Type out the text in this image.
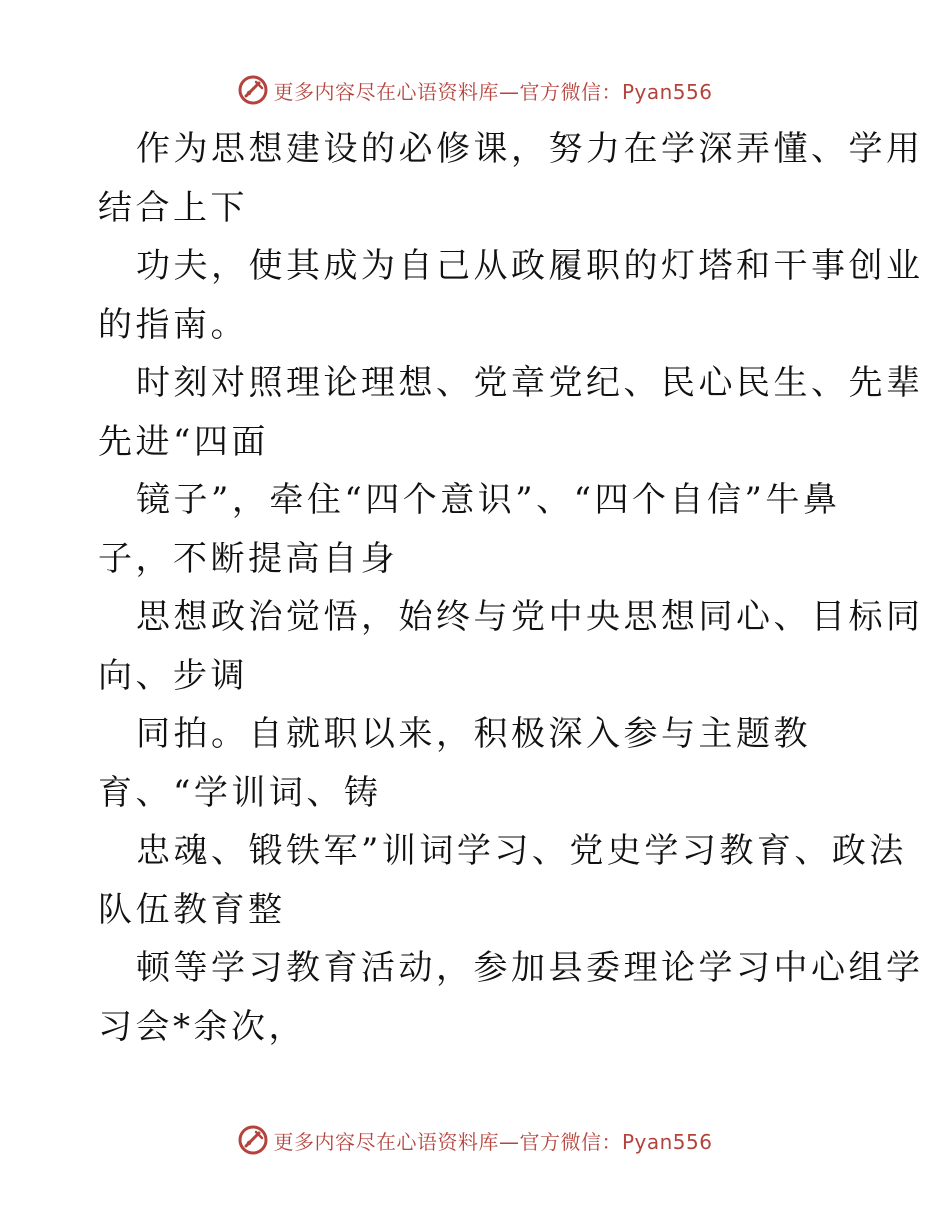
更多内容尽在心语资料库—官方微信：Pyan556
作为思想建设的必修课，努力在学深弄懂、学用
结合上下
功夫，使其成为自己从政履职的灯塔和干事创业
的指南。
时刻对照理论理想、党章党纪、民心民生、先辈
先进“四面
镜子”，牵住“四个意识”、“四个自信”牛鼻
子，不断提高自身
思想政治觉悟，始终与党中央思想同心、目标同
向、步调
同拍。自就职以来，积极深入参与主题教
育、“学训词、铸
忠魂、锻铁军”训词学习、党史学习教育、政法
队伍教育整
顿等学习教育活动，参加县委理论学习中心组学
习会*余次，
更多内容尽在心语资料库—官方微信：Pyan556
